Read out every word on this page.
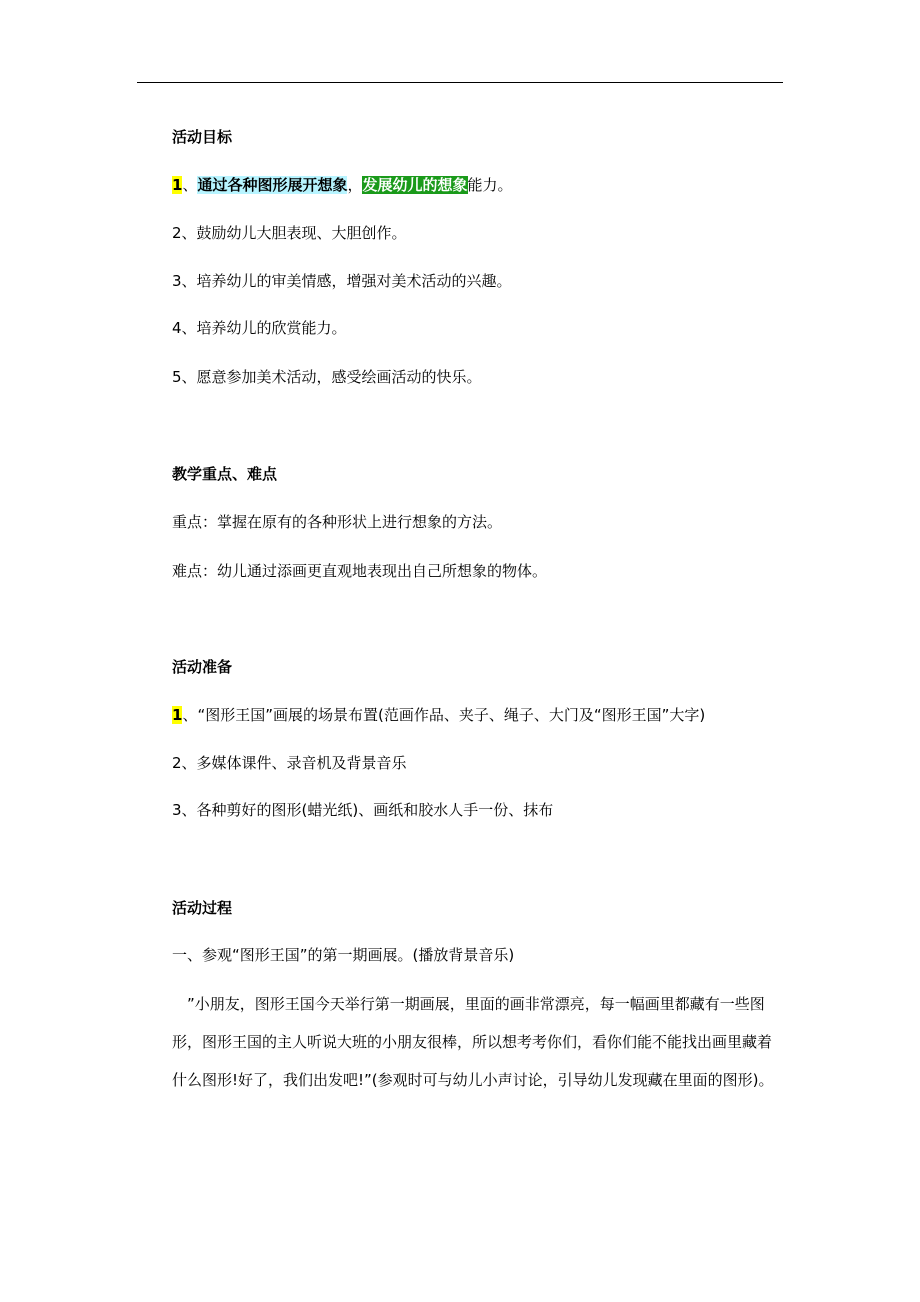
活动目标
1、通过各种图形展开想象，发展幼儿的想象能力。
2、鼓励幼儿大胆表现、大胆创作。
3、培养幼儿的审美情感，增强对美术活动的兴趣。
4、培养幼儿的欣赏能力。
5、愿意参加美术活动，感受绘画活动的快乐。
教学重点、难点
重点：掌握在原有的各种形状上进行想象的方法。
难点：幼儿通过添画更直观地表现出自己所想象的物体。
活动准备
1、“图形王国”画展的场景布置(范画作品、夹子、绳子、大门及“图形王国”大字)
2、多媒体课件、录音机及背景音乐
3、各种剪好的图形(蜡光纸)、画纸和胶水人手一份、抹布
活动过程
一、参观“图形王国”的第一期画展。(播放背景音乐)
　”小朋友，图形王国今天举行第一期画展，里面的画非常漂亮，每一幅画里都藏有一些图形，图形王国的主人听说大班的小朋友很棒，所以想考考你们，看你们能不能找出画里藏着什么图形!好了，我们出发吧!”(参观时可与幼儿小声讨论，引导幼儿发现藏在里面的图形)。
